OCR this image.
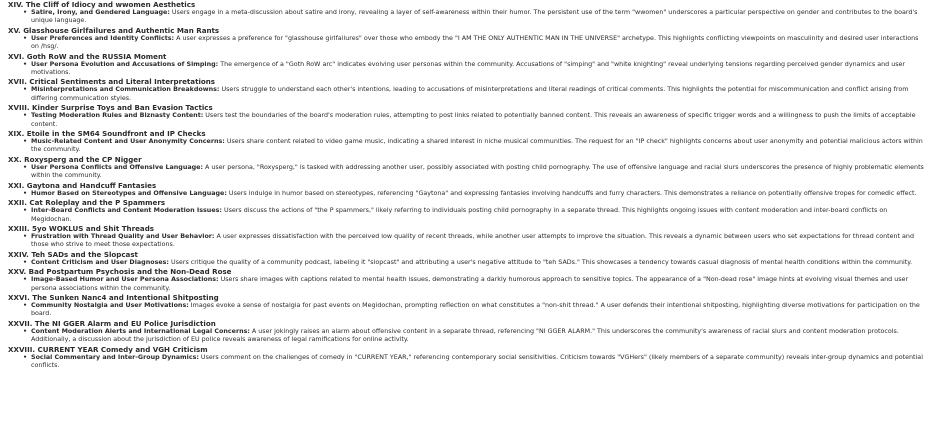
XIV. The Cliff of Idiocy and wwomen Aesthetics
• Satire, Irony, and Gendered Language: Users engage in a meta-discussion about satire and irony, revealing a layer of self-awareness within their humor. The persistent use of the term "wwomen" underscores a particular perspective on gender and contributes to the board's unique language.
XV. Glasshouse Girlfailures and Authentic Man Rants
• User Preferences and Identity Conflicts: A user expresses a preference for "glasshouse girlfailures" over those who embody the "I AM THE ONLY AUTHENTIC MAN IN THE UNIVERSE" archetype. This highlights conflicting viewpoints on masculinity and desired user interactions on /hsg/.
XVI. Goth RoW and the RUSSIA Moment
• User Persona Evolution and Accusations of Simping: The emergence of a "Goth RoW arc" indicates evolving user personas within the community. Accusations of "simping" and "white knighting" reveal underlying tensions regarding perceived gender dynamics and user motivations.
XVII. Critical Sentiments and Literal Interpretations
• Misinterpretations and Communication Breakdowns: Users struggle to understand each other's intentions, leading to accusations of misinterpretations and literal readings of critical comments. This highlights the potential for miscommunication and conflict arising from differing communication styles.
XVIII. Kinder Surprise Toys and Ban Evasion Tactics
• Testing Moderation Rules and Biznasty Content: Users test the boundaries of the board's moderation rules, attempting to post links related to potentially banned content. This reveals an awareness of specific trigger words and a willingness to push the limits of acceptable content.
XIX. Etoile in the SM64 Soundfront and IP Checks
• Music-Related Content and User Anonymity Concerns: Users share content related to video game music, indicating a shared interest in niche musical communities. The request for an "IP check" highlights concerns about user anonymity and potential malicious actors within the community.
XX. Roxysperg and the CP Nigger
• User Persona Conflicts and Offensive Language: A user persona, "Roxysperg," is tasked with addressing another user, possibly associated with posting child pornography. The use of offensive language and racial slurs underscores the presence of highly problematic elements within the community.
XXI. Gaytona and Handcuff Fantasies
• Humor Based on Stereotypes and Offensive Language: Users indulge in humor based on stereotypes, referencing "Gaytona" and expressing fantasies involving handcuffs and furry characters. This demonstrates a reliance on potentially offensive tropes for comedic effect.
XXII. Cat Roleplay and the P Spammers
• Inter-Board Conflicts and Content Moderation Issues: Users discuss the actions of "the P spammers," likely referring to individuals posting child pornography in a separate thread. This highlights ongoing issues with content moderation and inter-board conflicts on Megidochan.
XXIII. 5yo WOKLUS and Shit Threads
• Frustration with Thread Quality and User Behavior: A user expresses dissatisfaction with the perceived low quality of recent threads, while another user attempts to improve the situation. This reveals a dynamic between users who set expectations for thread content and those who strive to meet those expectations.
XXIV. Teh SADs and the Slopcast
• Content Criticism and User Diagnoses: Users critique the quality of a community podcast, labeling it "slopcast" and attributing a user's negative attitude to "teh SADs." This showcases a tendency towards casual diagnosis of mental health conditions within the community.
XXV. Bad Postpartum Psychosis and the Non-Dead Rose
• Image-Based Humor and User Persona Associations: Users share images with captions related to mental health issues, demonstrating a darkly humorous approach to sensitive topics. The appearance of a "Non-dead rose" image hints at evolving visual themes and user persona associations within the community.
XXVI. The Sunken Nanc4 and Intentional Shitposting
• Community Nostalgia and User Motivations: Images evoke a sense of nostalgia for past events on Megidochan, prompting reflection on what constitutes a "non-shit thread." A user defends their intentional shitposting, highlighting diverse motivations for participation on the board.
XXVII. The NI GGER Alarm and EU Police Jurisdiction
• Content Moderation Alerts and International Legal Concerns: A user jokingly raises an alarm about offensive content in a separate thread, referencing "NI GGER ALARM." This underscores the community's awareness of racial slurs and content moderation protocols. Additionally, a discussion about the jurisdiction of EU police reveals awareness of legal ramifications for online activity.
XXVIII. CURRENT YEAR Comedy and VGH Criticism
• Social Commentary and Inter-Group Dynamics: Users comment on the challenges of comedy in "CURRENT YEAR," referencing contemporary social sensitivities. Criticism towards "VGHers" (likely members of a separate community) reveals inter-group dynamics and potential conflicts.
